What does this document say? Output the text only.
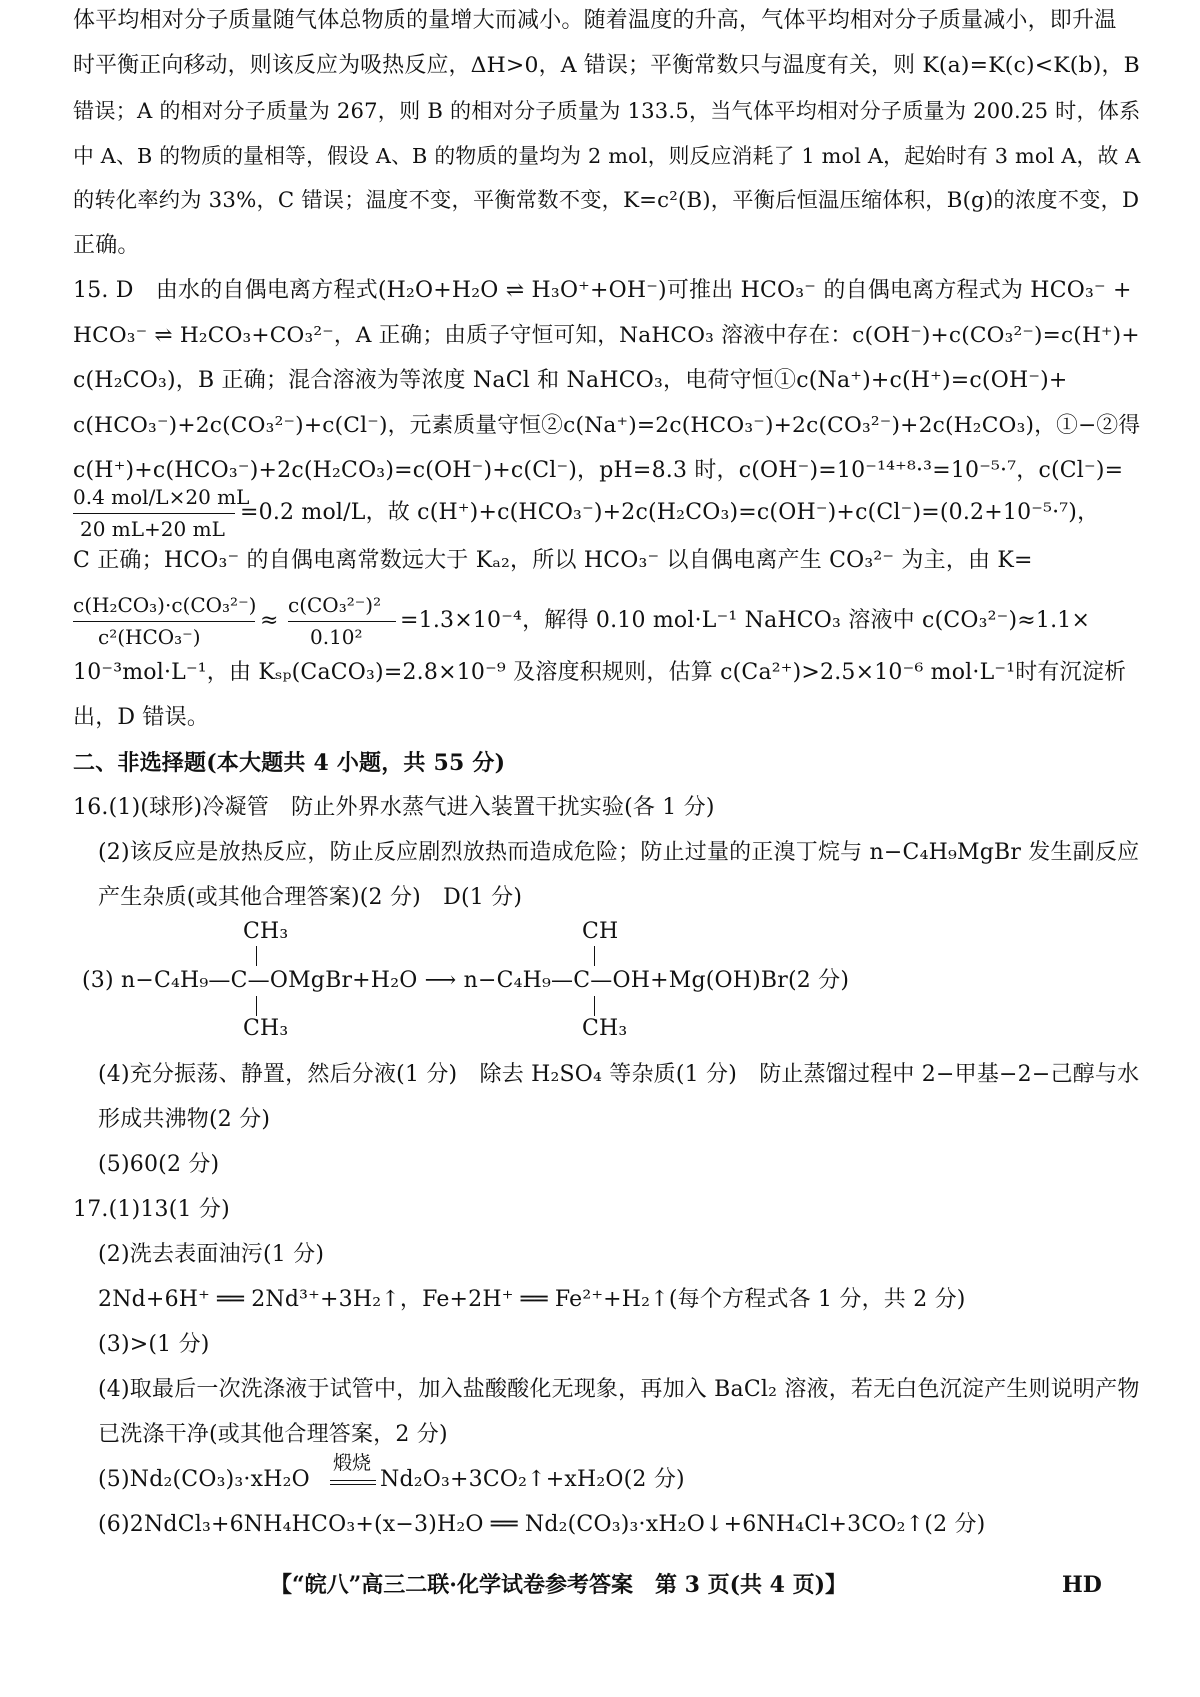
体平均相对分子质量随气体总物质的量增大而减小。随着温度的升高，气体平均相对分子质量减小，即升温
时平衡正向移动，则该反应为吸热反应，ΔH>0，A 错误；平衡常数只与温度有关，则 K(a)=K(c)<K(b)，B
错误；A 的相对分子质量为 267，则 B 的相对分子质量为 133.5，当气体平均相对分子质量为 200.25 时，体系
中 A、B 的物质的量相等，假设 A、B 的物质的量均为 2 mol，则反应消耗了 1 mol A，起始时有 3 mol A，故 A
的转化率约为 33%，C 错误；温度不变，平衡常数不变，K=c²(B)，平衡后恒温压缩体积，B(g)的浓度不变，D
正确。
15. D　由水的自偶电离方程式(H₂O+H₂O ⇌ H₃O⁺+OH⁻)可推出 HCO₃⁻ 的自偶电离方程式为 HCO₃⁻ +
HCO₃⁻ ⇌ H₂CO₃+CO₃²⁻，A 正确；由质子守恒可知，NaHCO₃ 溶液中存在：c(OH⁻)+c(CO₃²⁻)=c(H⁺)+
c(H₂CO₃)，B 正确；混合溶液为等浓度 NaCl 和 NaHCO₃，电荷守恒①c(Na⁺)+c(H⁺)=c(OH⁻)+
c(HCO₃⁻)+2c(CO₃²⁻)+c(Cl⁻)，元素质量守恒②c(Na⁺)=2c(HCO₃⁻)+2c(CO₃²⁻)+2c(H₂CO₃)，①−②得
c(H⁺)+c(HCO₃⁻)+2c(H₂CO₃)=c(OH⁻)+c(Cl⁻)，pH=8.3 时，c(OH⁻)=10⁻¹⁴⁺⁸·³=10⁻⁵·⁷，c(Cl⁻)=
0.4 mol/L×20 mL
20 mL+20 mL
=0.2 mol/L，故 c(H⁺)+c(HCO₃⁻)+2c(H₂CO₃)=c(OH⁻)+c(Cl⁻)=(0.2+10⁻⁵·⁷)，
C 正确；HCO₃⁻ 的自偶电离常数远大于 Kₐ₂，所以 HCO₃⁻ 以自偶电离产生 CO₃²⁻ 为主，由 K=
c(H₂CO₃)·c(CO₃²⁻)
c²(HCO₃⁻)
≈
c(CO₃²⁻)²
0.10²
=1.3×10⁻⁴，解得 0.10 mol·L⁻¹ NaHCO₃ 溶液中 c(CO₃²⁻)≈1.1×
10⁻³mol·L⁻¹，由 Kₛₚ(CaCO₃)=2.8×10⁻⁹ 及溶度积规则，估算 c(Ca²⁺)>2.5×10⁻⁶ mol·L⁻¹时有沉淀析
出，D 错误。
二、非选择题(本大题共 4 小题，共 55 分)
16.(1)(球形)冷凝管　防止外界水蒸气进入装置干扰实验(各 1 分)
(2)该反应是放热反应，防止反应剧烈放热而造成危险；防止过量的正溴丁烷与 n−C₄H₉MgBr 发生副反应
产生杂质(或其他合理答案)(2 分)　D(1 分)
CH₃	CH
(3) n−C₄H₉—C—OMgBr+H₂O ⟶ n−C₄H₉—C—OH+Mg(OH)Br(2 分)
CH₃	CH₃
(4)充分振荡、静置，然后分液(1 分)　除去 H₂SO₄ 等杂质(1 分)　防止蒸馏过程中 2−甲基−2−己醇与水
形成共沸物(2 分)
(5)60(2 分)
17.(1)13(1 分)
(2)洗去表面油污(1 分)
2Nd+6H⁺ ══ 2Nd³⁺+3H₂↑，Fe+2H⁺ ══ Fe²⁺+H₂↑(每个方程式各 1 分，共 2 分)
(3)>(1 分)
(4)取最后一次洗涤液于试管中，加入盐酸酸化无现象，再加入 BaCl₂ 溶液，若无白色沉淀产生则说明产物
已洗涤干净(或其他合理答案，2 分)
(5)Nd₂(CO₃)₃·xH₂O
煅烧
Nd₂O₃+3CO₂↑+xH₂O(2 分)
(6)2NdCl₃+6NH₄HCO₃+(x−3)H₂O ══ Nd₂(CO₃)₃·xH₂O↓+6NH₄Cl+3CO₂↑(2 分)
【“皖八”高三二联·化学试卷参考答案　第 3 页(共 4 页)】	HD
